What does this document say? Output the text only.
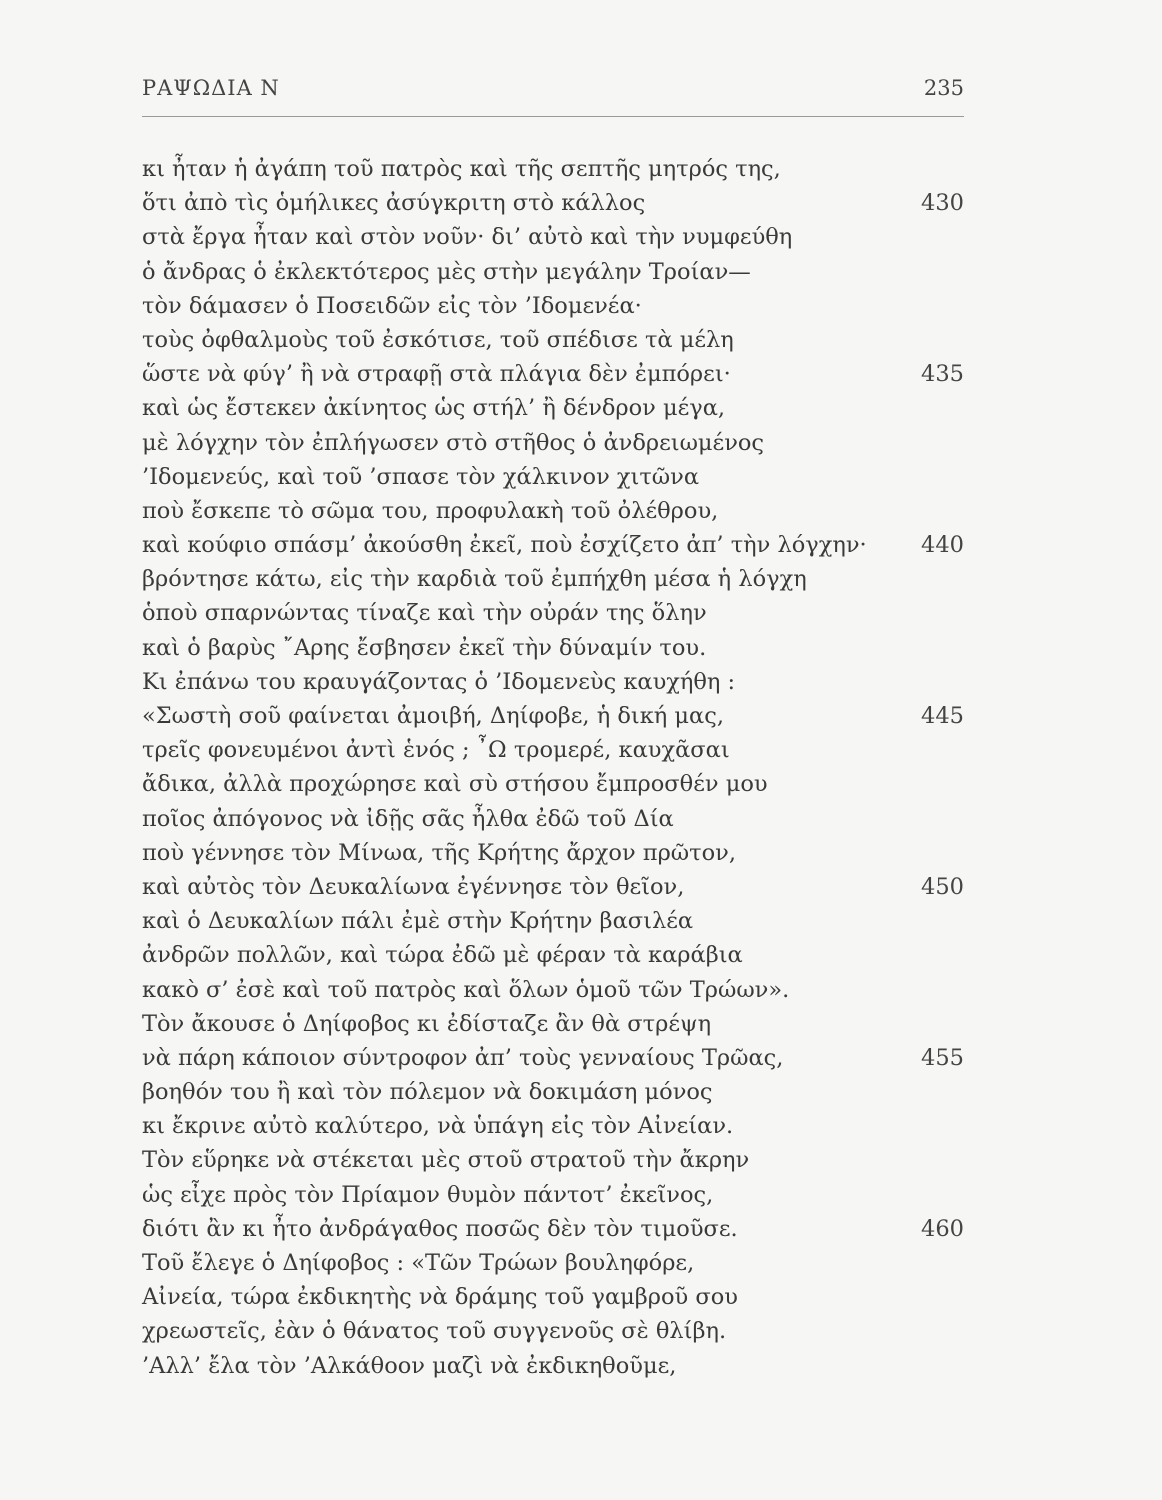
ΡΑΨΩΔΙΑ Ν	235
κι ἦταν ἡ ἀγάπη τοῦ πατρὸς καὶ τῆς σεπτῆς μητρός της,
ὅτι ἀπὸ τὶς ὁμήλικες ἀσύγκριτη στὸ κάλλος	430
στὰ ἔργα ἦταν καὶ στὸν νοῦν· δι’ αὐτὸ καὶ τὴν νυμφεύθη
ὁ ἄνδρας ὁ ἐκλεκτότερος μὲς στὴν μεγάλην Τροίαν—
τὸν δάμασεν ὁ Ποσειδῶν εἰς τὸν ’Ιδομενέα·
τοὺς ὀφθαλμοὺς τοῦ ἐσκότισε, τοῦ σπέδισε τὰ μέλη
ὥστε νὰ φύγ’ ἢ νὰ στραφῇ στὰ πλάγια δὲν ἐμπόρει·	435
καὶ ὡς ἔστεκεν ἀκίνητος ὡς στήλ’ ἢ δένδρον μέγα,
μὲ λόγχην τὸν ἐπλήγωσεν στὸ στῆθος ὁ ἀνδρειωμένος
’Ιδομενεύς, καὶ τοῦ ’σπασε τὸν χάλκινον χιτῶνα
ποὺ ἔσκεπε τὸ σῶμα του, προφυλακὴ τοῦ ὀλέθρου,
καὶ κούφιο σπάσμ’ ἀκούσθη ἐκεῖ, ποὺ ἐσχίζετο ἀπ’ τὴν λόγχην· 440
βρόντησε κάτω, εἰς τὴν καρδιὰ τοῦ ἐμπήχθη μέσα ἡ λόγχη
ὁποὺ σπαρνώντας τίναζε καὶ τὴν οὐράν της ὅλην
καὶ ὁ βαρὺς ῎Αρης ἔσβησεν ἐκεῖ τὴν δύναμίν του.
Κι ἐπάνω του κραυγάζοντας ὁ ’Ιδομενεὺς καυχήθη :
«Σωστὴ σοῦ φαίνεται ἀμοιβή, Δηίφοβε, ἡ δική μας,	445
τρεῖς φονευμένοι ἀντὶ ἑνός ; ῏Ω τρομερέ, καυχᾶσαι
ἄδικα, ἀλλὰ προχώρησε καὶ σὺ στήσου ἔμπροσθέν μου
ποῖος ἀπόγονος νὰ ἰδῇς σᾶς ἦλθα ἐδῶ τοῦ Δία
ποὺ γέννησε τὸν Μίνωα, τῆς Κρήτης ἄρχον πρῶτον,
καὶ αὐτὸς τὸν Δευκαλίωνα ἐγέννησε τὸν θεῖον,	450
καὶ ὁ Δευκαλίων πάλι ἐμὲ στὴν Κρήτην βασιλέα
ἀνδρῶν πολλῶν, καὶ τώρα ἐδῶ μὲ φέραν τὰ καράβια
κακὸ σ’ ἐσὲ καὶ τοῦ πατρὸς καὶ ὅλων ὁμοῦ τῶν Τρώων».
Τὸν ἄκουσε ὁ Δηίφοβος κι ἐδίσταζε ἂν θὰ στρέψη
νὰ πάρη κάποιον σύντροφον ἀπ’ τοὺς γενναίους Τρῶας,	455
βοηθόν του ἢ καὶ τὸν πόλεμον νὰ δοκιμάση μόνος
κι ἔκρινε αὐτὸ καλύτερο, νὰ ὑπάγη εἰς τὸν Αἰνείαν.
Τὸν εὕρηκε νὰ στέκεται μὲς στοῦ στρατοῦ τὴν ἄκρην
ὡς εἶχε πρὸς τὸν Πρίαμον θυμὸν πάντοτ’ ἐκεῖνος,
διότι ἂν κι ἦτο ἀνδράγαθος ποσῶς δὲν τὸν τιμοῦσε.	460
Τοῦ ἔλεγε ὁ Δηίφοβος : «Τῶν Τρώων βουληφόρε,
Αἰνεία, τώρα ἐκδικητὴς νὰ δράμης τοῦ γαμβροῦ σου
χρεωστεῖς, ἐὰν ὁ θάνατος τοῦ συγγενοῦς σὲ θλίβη.
’Αλλ’ ἔλα τὸν ’Αλκάθοον μαζὶ νὰ ἐκδικηθοῦμε,
